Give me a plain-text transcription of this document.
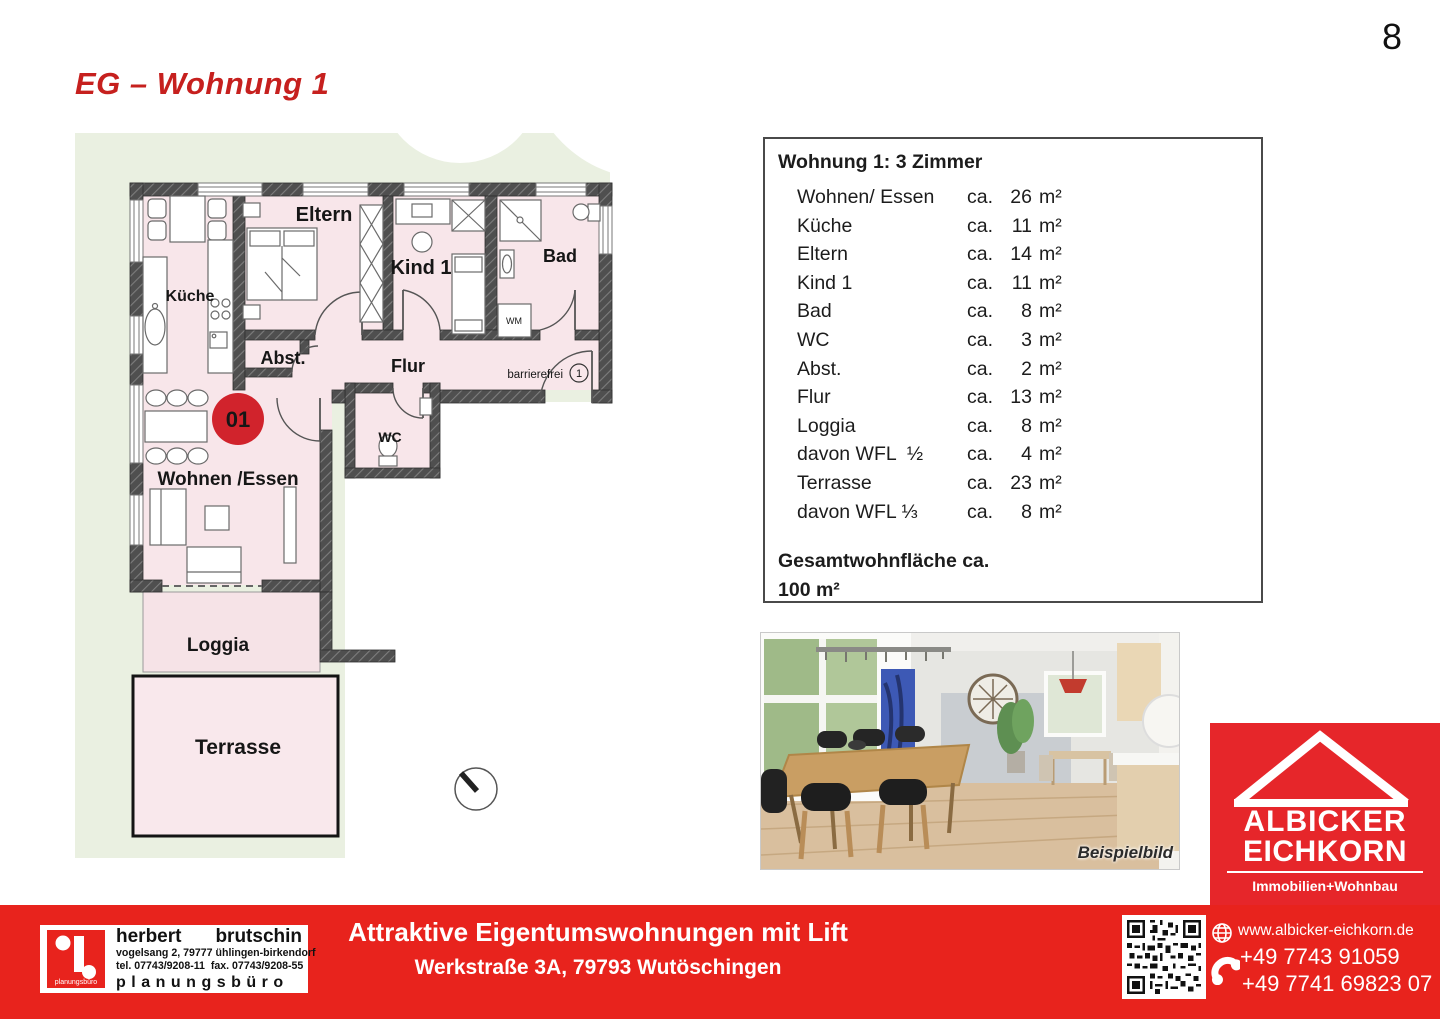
8
EG – Wohnung 1
Eltern
Kind 1
Bad
Küche
Abst.	Flur
WC
Wohnen /Essen
Loggia
Terrasse
WM
barrierefrei 1
01
Wohnung 1: 3 Zimmer
Wohnen/ Essen	ca. 26 m²
Küche	ca. 11 m²
Eltern	ca. 14 m²
Kind 1	ca. 11 m²
Bad	ca.	8 m²
WC	ca.	3 m²
Abst.	ca.	2 m²
Flur	ca. 13 m²
Loggia	ca.	8 m²
davon WFL  ½	ca.	4 m²
Terrasse	ca. 23 m²
davon WFL ⅓	ca.	8 m²
Gesamtwohnfläche ca.
100 m²
Beispielbild
ALBICKER
EICHKORN
Immobilien+Wohnbau
planungsbüro
herbert brutschin
vogelsang 2, 79777 ühlingen-birkendorf
tel. 07743/9208-11  fax. 07743/9208-55
planungsbüro
Attraktive Eigentumswohnungen mit Lift
Werkstraße 3A, 79793 Wutöschingen
www.albicker-eichkorn.de
+49 7743 91059
+49 7741 69823 07
